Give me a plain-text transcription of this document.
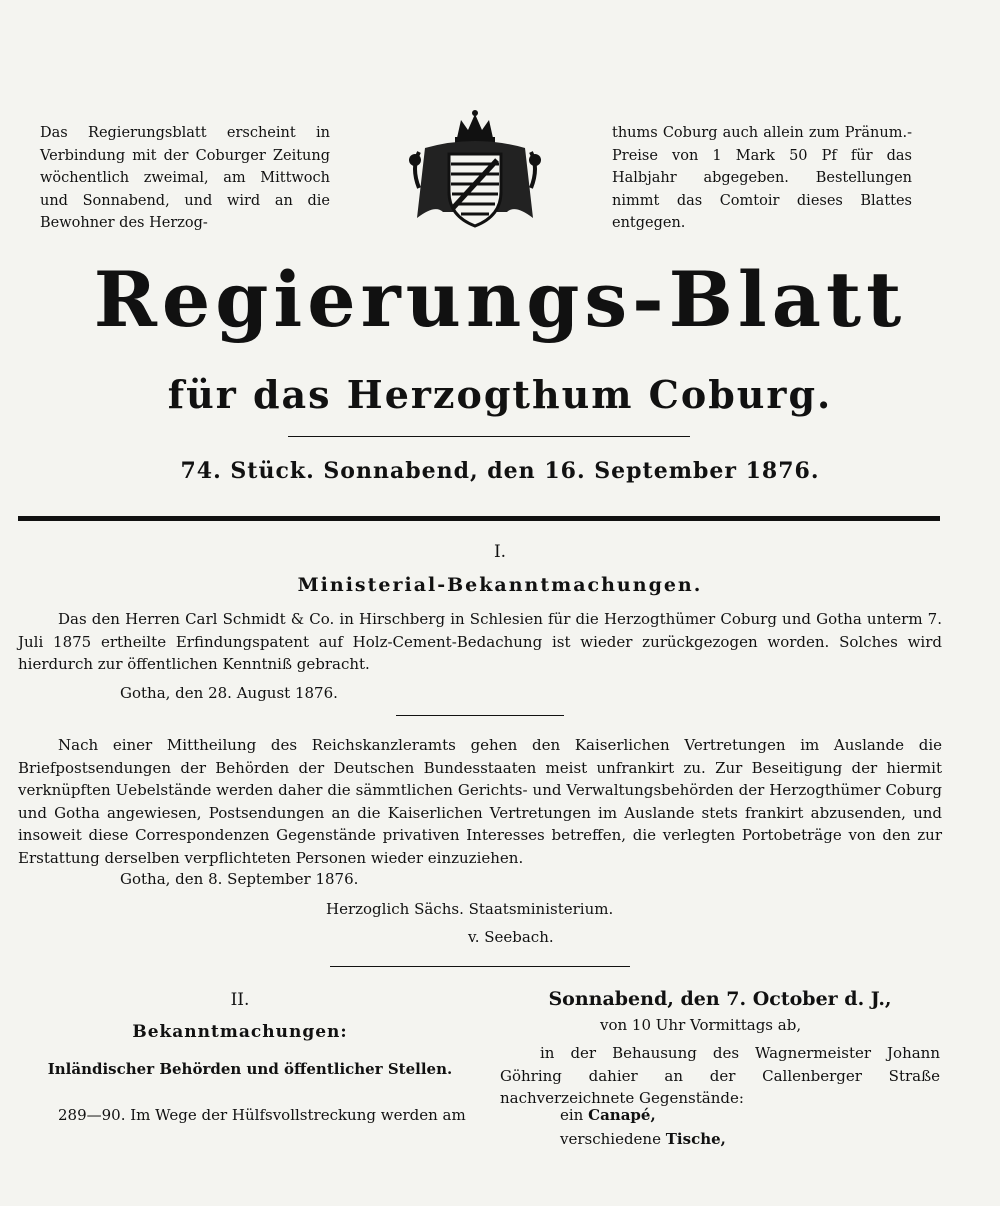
Das Regierungsblatt erscheint in Verbindung mit der Coburger Zeitung wöchentlich zweimal, am Mittwoch und Sonnabend, und wird an die Bewohner des Herzog-

thums Coburg auch allein zum Pränum.-Preise von 1 Mark 50 Pf für das Halbjahr abgegeben. Bestellungen nimmt das Comtoir dieses Blattes entgegen.

Regierungs-Blatt
für das Herzogthum Coburg.
74. Stück. Sonnabend, den 16. September 1876.
I.
Ministerial-Bekanntmachungen.

Das den Herren Carl Schmidt & Co. in Hirschberg in Schlesien für die Herzogthümer Coburg und Gotha unterm 7. Juli 1875 ertheilte Erfindungspatent auf Holz-Cement-Bedachung ist wieder zurückgezogen worden. Solches wird hierdurch zur öffentlichen Kenntniß gebracht.

Gotha, den 28. August 1876.

Nach einer Mittheilung des Reichskanzleramts gehen den Kaiserlichen Vertretungen im Auslande die Briefpostsendungen der Behörden der Deutschen Bundesstaaten meist unfrankirt zu. Zur Beseitigung der hiermit verknüpften Uebelstände werden daher die sämmtlichen Gerichts- und Verwaltungsbehörden der Herzogthümer Coburg und Gotha angewiesen, Postsendungen an die Kaiserlichen Vertretungen im Auslande stets frankirt abzusenden, und insoweit diese Correspondenzen Gegenstände privativen Interesses betreffen, die verlegten Portobeträge von den zur Erstattung derselben verpflichteten Personen wieder einzuziehen.

Gotha, den 8. September 1876.
Herzoglich Sächs. Staatsministerium.
v. Seebach.
II.
Bekanntmachungen:
Inländischer Behörden und öffentlicher Stellen.

289—90. Im Wege der Hülfsvollstreckung werden am

Sonnabend, den 7. October d. J.,
von 10 Uhr Vormittags ab,

in der Behausung des Wagnermeister Johann Göhring dahier an der Callenberger Straße nachverzeichnete Gegenstände:

ein Canapé,
verschiedene Tische,
